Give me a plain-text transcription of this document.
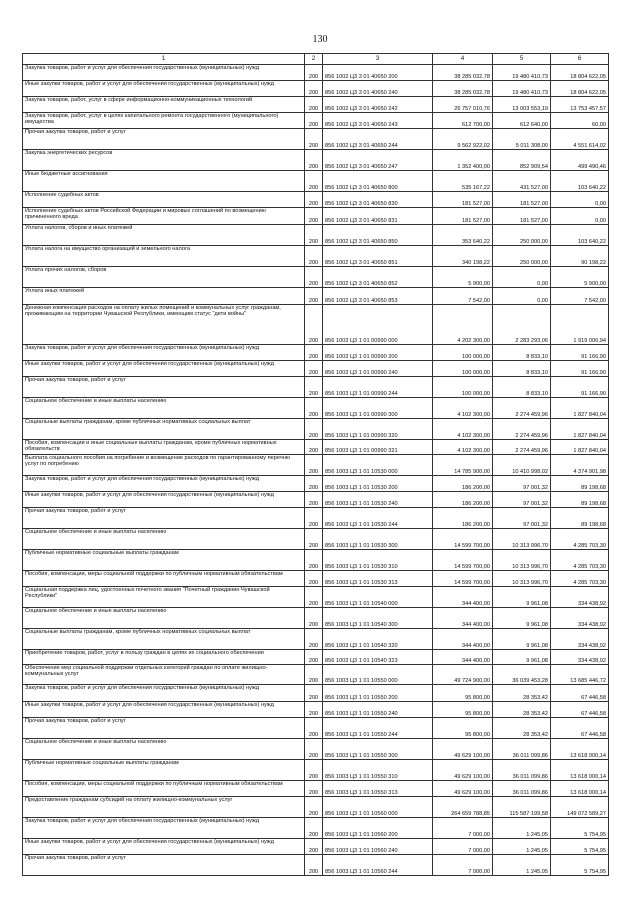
130
1	2	3	4	5	6
Закупка товаров, работ и услуг для обеспечения государственных (муниципальных) нужд	200	856 1002 Ц3 3 01 40650 200	38 285 032,78	19 480 410,73	18 804 622,05
Иные закупки товаров, работ и услуг для обеспечения государственных (муниципальных) нужд	200	856 1002 Ц3 3 01 40650 240	38 285 032,78	19 480 410,73	18 804 622,05
Закупка товаров, работ, услуг в сфере информационно-коммуникационных технологий	200	856 1002 Ц3 3 01 40650 242	26 757 010,76	13 003 553,19	13 753 457,57
Закупка товаров, работ, услуг в целях капитального ремонта государственного (муниципального) имущества	200	856 1002 Ц3 3 01 40650 243	612 700,00	612 640,00	60,00
Прочая закупка товаров, работ и услуг	200	856 1002 Ц3 3 01 40650 244	9 562 922,02	5 011 308,00	4 551 614,02
Закупка энергетических ресурсов	200	856 1002 Ц3 3 01 40650 247	1 352 400,00	852 909,54	499 490,46
Иные бюджетные ассигнования	200	856 1002 Ц3 3 01 40650 800	535 167,22	431 527,00	103 640,22
Исполнение судебных актов	200	856 1002 Ц3 3 01 40650 830	181 527,00	181 527,00	0,00
Исполнение судебных актов Российской Федерации и мировых соглашений по возмещению причиненного вреда	200	856 1002 Ц3 3 01 40650 831	181 527,00	181 527,00	0,00
Уплата налогов, сборов и иных платежей	200	856 1002 Ц3 3 01 40650 850	353 640,22	250 000,00	103 640,22
Уплата налога на имущество организаций и земельного налога	200	856 1002 Ц3 3 01 40650 851	340 198,22	250 000,00	90 198,22
Уплата прочих налогов, сборов	200	856 1002 Ц3 3 01 40650 852	5 900,00	0,00	5 900,00
Уплата иных платежей	200	856 1002 Ц3 3 01 40650 853	7 542,00	0,00	7 542,00
Денежная компенсация расходов на оплату жилых помещений и коммунальных услуг гражданам, проживающим на территории Чувашской Республики, имеющим статус "дети войны"	200	856 1003 Ц3 1 01 00990 000	4 202 300,00	2 283 293,06	1 919 006,94
Закупка товаров, работ и услуг для обеспечения государственных (муниципальных) нужд	200	856 1003 Ц3 1 01 00990 200	100 000,00	8 833,10	91 166,90
Иные закупки товаров, работ и услуг для обеспечения государственных (муниципальных) нужд	200	856 1003 Ц3 1 01 00990 240	100 000,00	8 833,10	91 166,90
Прочая закупка товаров, работ и услуг	200	856 1003 Ц3 1 01 00990 244	100 000,00	8 833,10	91 166,90
Социальное обеспечение и иные выплаты населению	200	856 1003 Ц3 1 01 00990 300	4 102 300,00	2 274 459,96	1 827 840,04
Социальные выплаты гражданам, кроме публичных нормативных социальных выплат	200	856 1003 Ц3 1 01 00990 320	4 102 300,00	2 274 459,96	1 827 840,04
Пособия, компенсации и иные социальные выплаты гражданам, кроме публичных нормативных обязательств	200	856 1003 Ц3 1 01 00990 321	4 102 300,00	2 274 459,96	1 827 840,04
Выплата социального пособия на погребение и возмещение расходов по гарантированному перечню услуг по погребению	200	856 1003 Ц3 1 01 10530 000	14 785 900,00	10 410 998,02	4 374 901,98
Закупка товаров, работ и услуг для обеспечения государственных (муниципальных) нужд	200	856 1003 Ц3 1 01 10530 200	186 200,00	97 001,32	89 198,68
Иные закупки товаров, работ и услуг для обеспечения государственных (муниципальных) нужд	200	856 1003 Ц3 1 01 10530 240	186 200,00	97 001,32	89 198,68
Прочая закупка товаров, работ и услуг	200	856 1003 Ц3 1 01 10530 244	186 200,00	97 001,32	89 198,68
Социальное обеспечение и иные выплаты населению	200	856 1003 Ц3 1 01 10530 300	14 599 700,00	10 313 996,70	4 285 703,30
Публичные нормативные социальные выплаты гражданам	200	856 1003 Ц3 1 01 10530 310	14 599 700,00	10 313 996,70	4 285 703,30
Пособия, компенсации, меры социальной поддержки по публичным нормативным обязательствам	200	856 1003 Ц3 1 01 10530 313	14 599 700,00	10 313 996,70	4 285 703,30
Социальная поддержка лиц, удостоенных почетного звания "Почетный гражданин Чувашской Республики"	200	856 1003 Ц3 1 01 10540 000	344 400,00	9 961,08	334 438,92
Социальное обеспечение и иные выплаты населению	200	856 1003 Ц3 1 01 10540 300	344 400,00	9 961,08	334 438,92
Социальные выплаты гражданам, кроме публичных нормативных социальных выплат	200	856 1003 Ц3 1 01 10540 320	344 400,00	9 961,08	334 438,92
Приобретение товаров, работ, услуг в пользу граждан в целях их социального обеспечения	200	856 1003 Ц3 1 01 10540 323	344 400,00	9 961,08	334 438,92
Обеспечение мер социальной поддержки отдельных категорий граждан по оплате жилищно-коммунальных услуг	200	856 1003 Ц3 1 01 10550 000	49 724 900,00	36 039 453,28	13 685 446,72
Закупка товаров, работ и услуг для обеспечения государственных (муниципальных) нужд	200	856 1003 Ц3 1 01 10550 200	95 800,00	28 353,42	67 446,58
Иные закупки товаров, работ и услуг для обеспечения государственных (муниципальных) нужд	200	856 1003 Ц3 1 01 10550 240	95 800,00	28 353,42	67 446,58
Прочая закупка товаров, работ и услуг	200	856 1003 Ц3 1 01 10550 244	95 800,00	28 353,42	67 446,58
Социальное обеспечение и иные выплаты населению	200	856 1003 Ц3 1 01 10550 300	49 629 100,00	36 011 099,86	13 618 000,14
Публичные нормативные социальные выплаты гражданам	200	856 1003 Ц3 1 01 10550 310	49 629 100,00	36 011 099,86	13 618 000,14
Пособия, компенсации, меры социальной поддержки по публичным нормативным обязательствам	200	856 1003 Ц3 1 01 10550 313	49 629 100,00	36 011 099,86	13 618 000,14
Предоставление гражданам субсидий на оплату жилищно-коммунальных услуг	200	856 1003 Ц3 1 01 10560 000	264 659 788,85	115 587 199,58	149 072 589,27
Закупка товаров, работ и услуг для обеспечения государственных (муниципальных) нужд	200	856 1003 Ц3 1 01 10560 200	7 000,00	1 245,05	5 754,95
Иные закупки товаров, работ и услуг для обеспечения государственных (муниципальных) нужд	200	856 1003 Ц3 1 01 10560 240	7 000,00	1 245,05	5 754,95
Прочая закупка товаров, работ и услуг	200	856 1003 Ц3 1 01 10560 244	7 000,00	1 245,05	5 754,95
